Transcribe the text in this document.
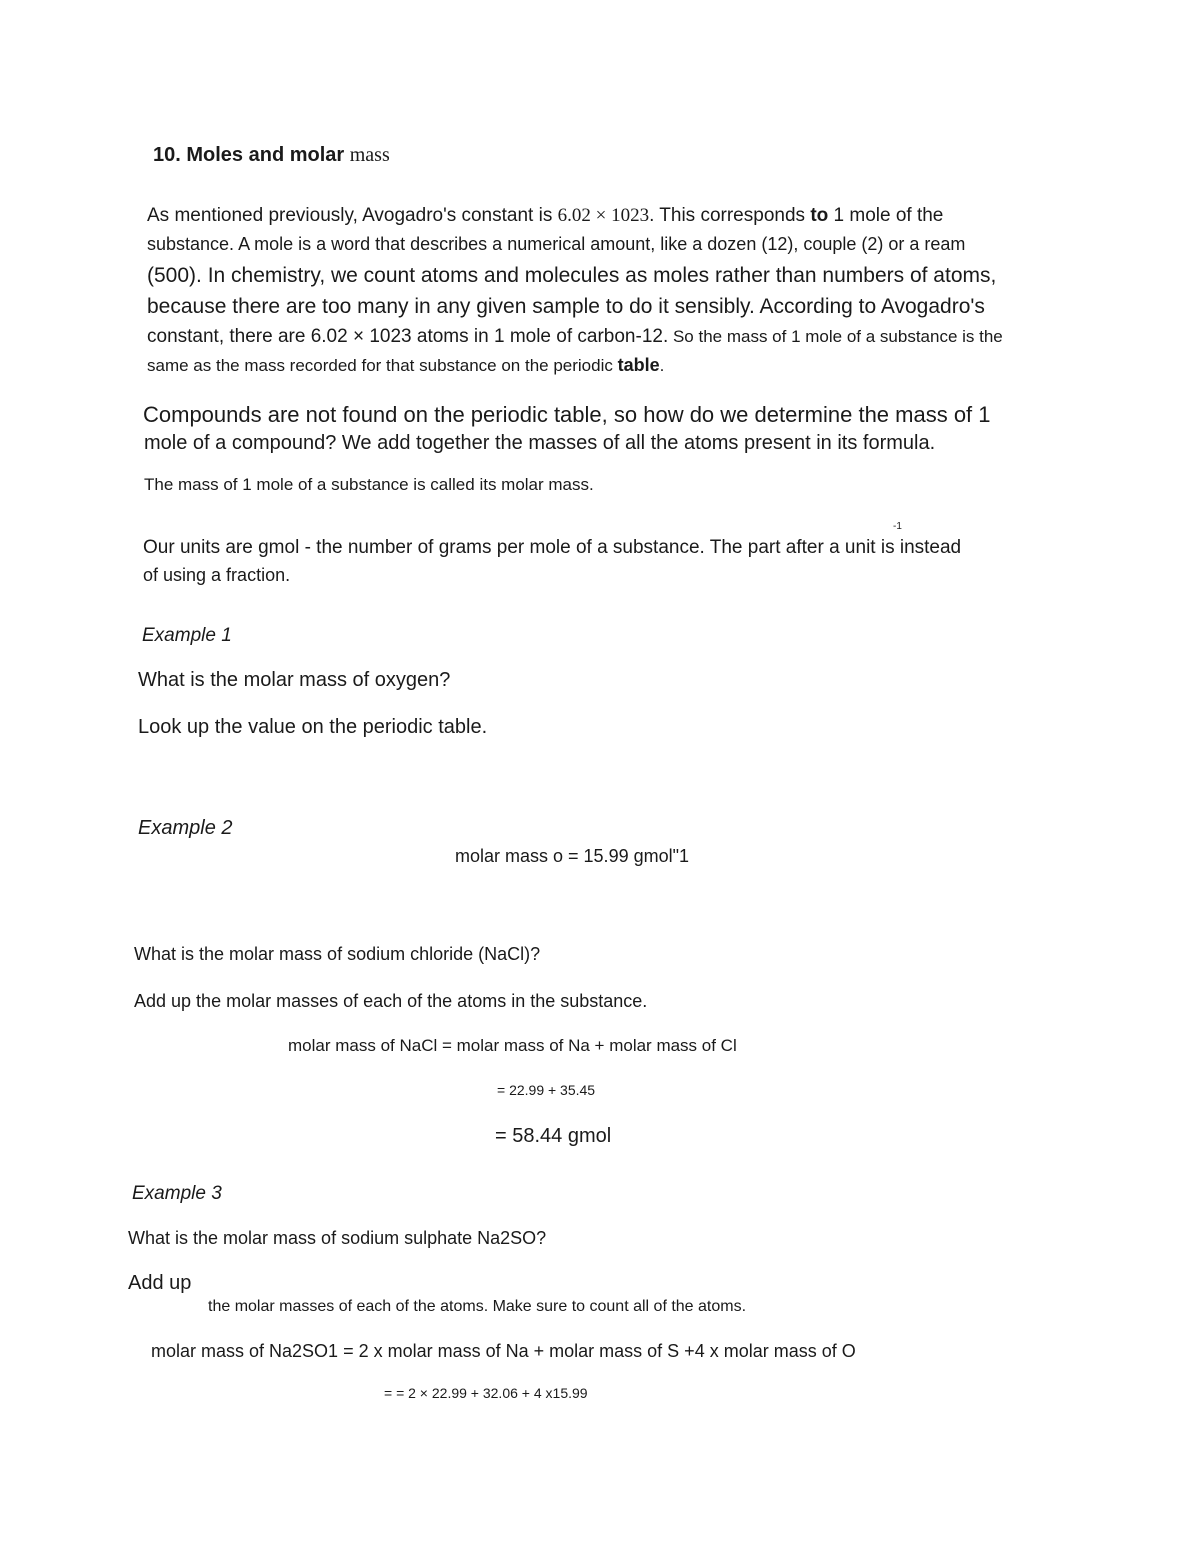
10. Moles and molar mass
As mentioned previously, Avogadro's constant is 6.02 × 1023. This corresponds to 1 mole of the
substance. A mole is a word that describes a numerical amount, like a dozen (12), couple (2) or a ream
(500). In chemistry, we count atoms and molecules as moles rather than numbers of atoms,
because there are too many in any given sample to do it sensibly. According to Avogadro's
constant, there are 6.02 × 1023 atoms in 1 mole of carbon-12. So the mass of 1 mole of a substance is the
same as the mass recorded for that substance on the periodic table.
Compounds are not found on the periodic table, so how do we determine the mass of 1
mole of a compound? We add together the masses of all the atoms present in its formula.
The mass of 1 mole of a substance is called its molar mass.
-1
Our units are gmol - the number of grams per mole of a substance. The part after a unit is instead
of using a fraction.
Example 1
What is the molar mass of oxygen?
Look up the value on the periodic table.
Example 2
molar mass o = 15.99 gmol"1
What is the molar mass of sodium chloride (NaCl)?
Add up the molar masses of each of the atoms in the substance.
molar mass of NaCl = molar mass of Na + molar mass of Cl
= 22.99 + 35.45
= 58.44 gmol
Example 3
What is the molar mass of sodium sulphate Na2SO?
Add up
the molar masses of each of the atoms. Make sure to count all of the atoms.
molar mass of Na2SO1 = 2 x molar mass of Na + molar mass of S +4 x molar mass of O
= = 2 × 22.99 + 32.06 + 4 x15.99
